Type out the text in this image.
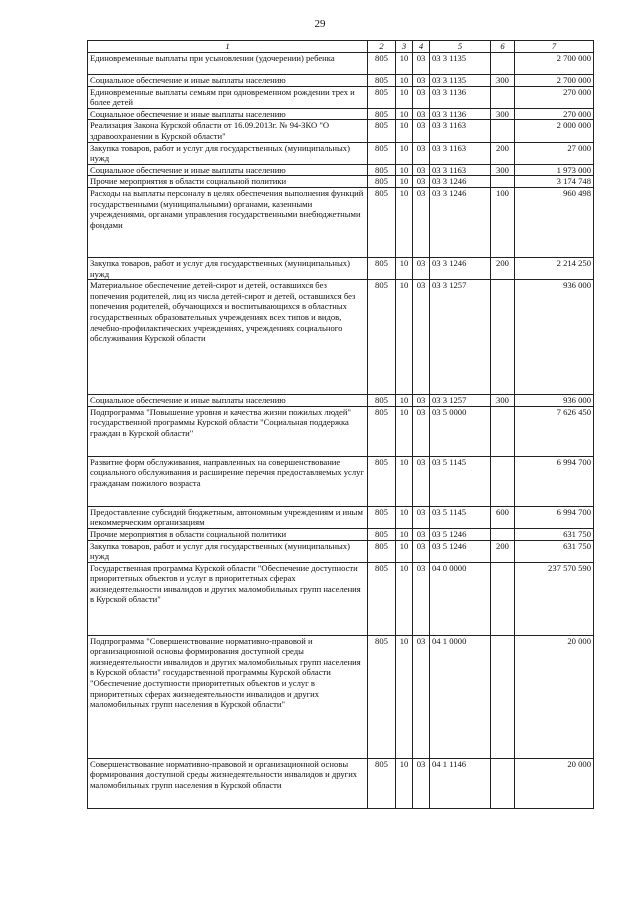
29
1	2	3	4	5	6	7
Единовременные выплаты при усыновлении (удочерении) ребенка	805	10	03	03 3 1135		2 700 000
Социальное обеспечение и иные выплаты населению	805	10	03	03 3 1135	300	2 700 000
Единовременные выплаты семьям при одновременном рождении трех и более детей	805	10	03	03 3 1136		270 000
Социальное обеспечение и иные выплаты населению	805	10	03	03 3 1136	300	270 000
Реализация Закона Курской области от 16.09.2013г. № 94-ЗКО "О здравоохранении в Курской области"	805	10	03	03 3 1163		2 000 000
Закупка товаров, работ и услуг для государственных (муниципальных) нужд	805	10	03	03 3 1163	200	27 000
Социальное обеспечение и иные выплаты населению	805	10	03	03 3 1163	300	1 973 000
Прочие мероприятия в области социальной политики	805	10	03	03 3 1246		3 174 748
Расходы на выплаты персоналу в целях обеспечения выполнения функций государственными (муниципальными) органами, казенными учреждениями, органами управления государственными внебюджетными фондами	805	10	03	03 3 1246	100	960 498
Закупка товаров, работ и услуг для государственных (муниципальных) нужд	805	10	03	03 3 1246	200	2 214 250
Материальное обеспечение детей-сирот и детей, оставшихся без попечения родителей, лиц из числа детей-сирот и детей, оставшихся без попечения родителей, обучающихся и воспитывающихся в областных государственных образовательных учреждениях всех типов и видов, лечебно-профилактических учреждениях, учреждениях социального обслуживания Курской области	805	10	03	03 3 1257		936 000
Социальное обеспечение и иные выплаты населению	805	10	03	03 3 1257	300	936 000
Подпрограмма "Повышение уровня и качества жизни пожилых людей" государственной программы Курской области "Социальная поддержка граждан в Курской области"	805	10	03	03 5 0000		7 626 450
Развитие форм обслуживания, направленных на совершенствование социального обслуживания и расширение перечня предоставляемых услуг гражданам пожилого возраста	805	10	03	03 5 1145		6 994 700
Предоставление субсидий бюджетным, автономным учреждениям и иным некоммерческим организациям	805	10	03	03 5 1145	600	6 994 700
Прочие мероприятия в области социальной политики	805	10	03	03 5 1246		631 750
Закупка товаров, работ и услуг для государственных (муниципальных) нужд	805	10	03	03 5 1246	200	631 750
Государственная программа Курской области "Обеспечение доступности приоритетных объектов и услуг в приоритетных сферах жизнедеятельности инвалидов и других маломобильных групп населения в Курской области"	805	10	03	04 0 0000		237 570 590
Подпрограмма "Совершенствование нормативно-правовой и организационной основы формирования доступной среды жизнедеятельности инвалидов и других маломобильных групп населения в Курской области" государственной программы Курской области "Обеспечение доступности приоритетных объектов и услуг в приоритетных сферах жизнедеятельности инвалидов и других маломобильных групп населения в Курской области"	805	10	03	04 1 0000		20 000
Совершенствование нормативно-правовой и организационной основы формирования доступной среды жизнедеятельности инвалидов и других маломобильных групп населения в Курской области	805	10	03	04 1 1146		20 000
